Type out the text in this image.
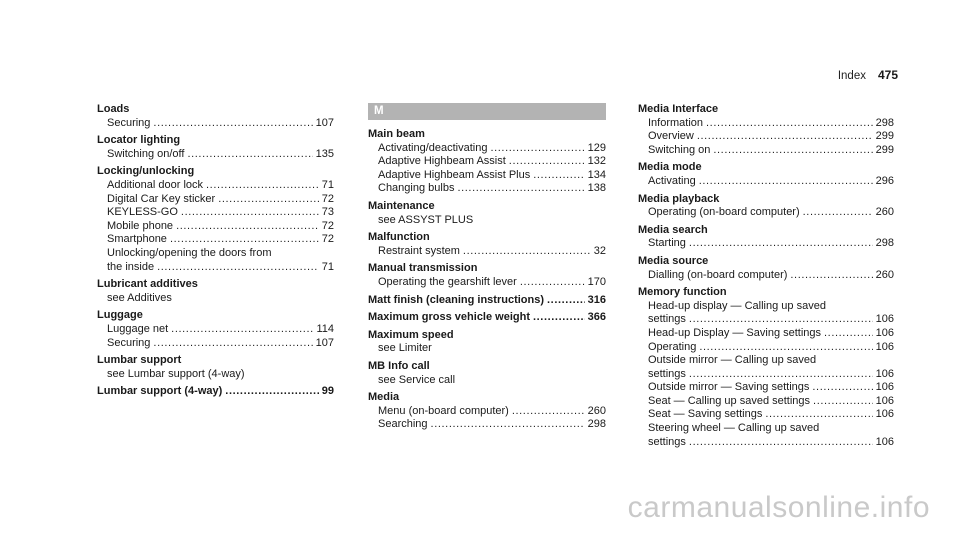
Index 475
Loads
Securing .....	107
Locator lighting
Switching on/off .....	135
Locking/unlocking
Additional door lock .....	71
Digital Car Key sticker .....	72
KEYLESS-GO .....	73
Mobile phone .....	72
Smartphone .....	72
Unlocking/opening the doors from
the inside .....	71
Lubricant additives
see Additives
Luggage
Luggage net .....	114
Securing .....	107
Lumbar support
see Lumbar support (4-way)
Lumbar support (4-way) .....	99
M
Main beam
Activating/deactivating .....	129
Adaptive Highbeam Assist .....	132
Adaptive Highbeam Assist Plus .....	134
Changing bulbs .....	138
Maintenance
see ASSYST PLUS
Malfunction
Restraint system .....	32
Manual transmission
Operating the gearshift lever .....	170
Matt finish (cleaning instructions) .....	316
Maximum gross vehicle weight .....	366
Maximum speed
see Limiter
MB Info call
see Service call
Media
Menu (on-board computer) .....	260
Searching .....	298
Media Interface
Information .....	298
Overview .....	299
Switching on .....	299
Media mode
Activating .....	296
Media playback
Operating (on-board computer) .....	260
Media search
Starting .....	298
Media source
Dialling (on-board computer) .....	260
Memory function
Head-up display — Calling up saved
settings .....	106
Head-up Display — Saving settings .....	106
Operating .....	106
Outside mirror — Calling up saved
settings .....	106
Outside mirror — Saving settings .....	106
Seat — Calling up saved settings .....	106
Seat — Saving settings .....	106
Steering wheel — Calling up saved
settings .....	106
carmanualsonline.info
